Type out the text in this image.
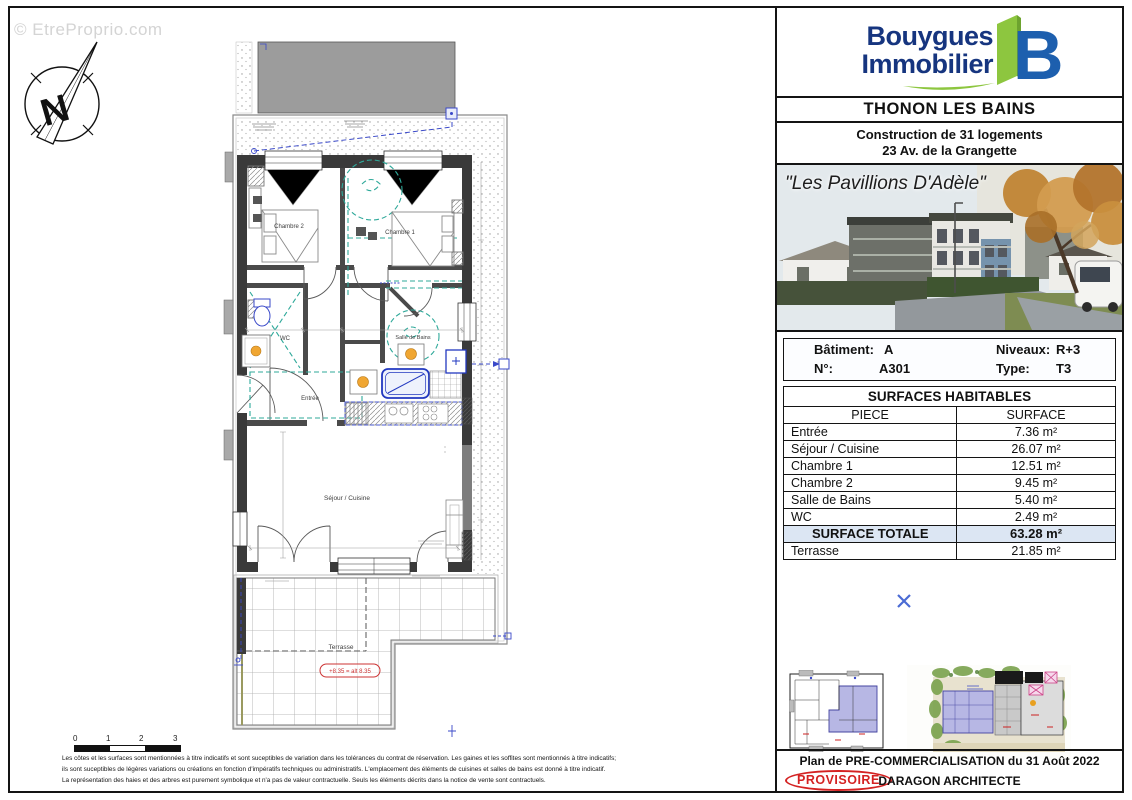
N
+8.35 = alt 8.35
Chambre 2
Chambre 1
WC	Salle de Bains
Entrée
Séjour / Cuisine
Terrasse
© EtreProprio.com
0	1	2	3
Les côtes et les surfaces sont mentionnées à titre indicatifs et sont suceptibles de variation dans les tolérances du contrat de réservation. Les gaines et les soffites sont mentionnés à titre indicatifs;
ils sont suceptibles de légères variations ou créations en fonction d'impératifs techniques ou administratifs. L'emplacement des éléments de cuisines et salles de bains est donné à titre indicatif.
La représentation des haies et des arbres est purement symbolique et n'a pas de valeur contractuelle. Seuls les éléments décrits dans la notice de vente sont contractuels.
Bouygues
Immobilier B
THONON LES BAINS
Construction de 31 logements
23 Av. de la Grangette
"Les Pavillions D'Adèle"
Bâtiment: A	Niveaux: R+3
N°:	A301	Type: T3
SURFACES HABITABLES
PIECE	SURFACE
Entrée	7.36 m²
Séjour / Cuisine	26.07 m²
Chambre 1	12.51 m²
Chambre 2	9.45 m²
Salle de Bains	5.40 m²
WC	2.49 m²
SURFACE TOTALE	63.28 m²
Terrasse	21.85 m²
Plan de PRE-COMMERCIALISATION du 31 Août 2022
PROVISOIRE
DARAGON ARCHITECTE
